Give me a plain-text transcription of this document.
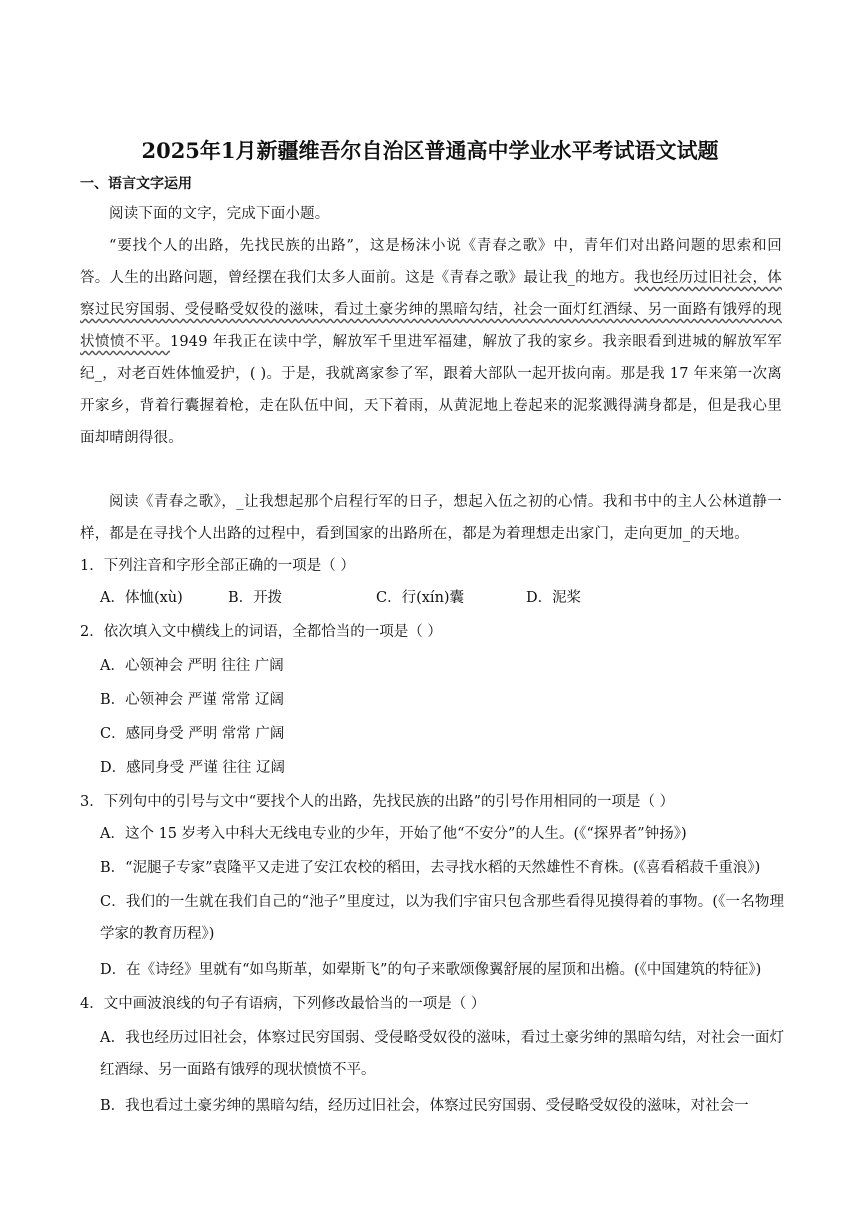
2025年1月新疆维吾尔自治区普通高中学业水平考试语文试题
一、语言文字运用
阅读下面的文字，完成下面小题。
“要找个人的出路，先找民族的出路”，这是杨沫小说《青春之歌》中，青年们对出路问题的思索和回答。人生的出路问题，曾经摆在我们太多人面前。这是《青春之歌》最让我_的地方。我也经历过旧社会，体察过民穷国弱、受侵略受奴役的滋味，看过土豪劣绅的黑暗勾结，社会一面灯红酒绿、另一面路有饿殍的现状愤愤不平。1949 年我正在读中学，解放军千里进军福建，解放了我的家乡。我亲眼看到进城的解放军军纪_，对老百姓体恤爱护，( )。于是，我就离家参了军，跟着大部队一起开拔向南。那是我 17 年来第一次离开家乡，背着行囊握着枪，走在队伍中间，天下着雨，从黄泥地上卷起来的泥浆溅得满身都是，但是我心里面却晴朗得很。
阅读《青春之歌》，_让我想起那个启程行军的日子，想起入伍之初的心情。我和书中的主人公林道静一样，都是在寻找个人出路的过程中，看到国家的出路所在，都是为着理想走出家门，走向更加_的天地。
1．下列注音和字形全部正确的一项是（ ）
A．体恤(xù)	B．开拨	C．行(xín)囊	D．泥桨
2．依次填入文中横线上的词语，全都恰当的一项是（ ）
A．心领神会 严明 往往 广阔
B．心领神会 严谨 常常 辽阔
C．感同身受 严明 常常 广阔
D．感同身受 严谨 往往 辽阔
3．下列句中的引号与文中“要找个人的出路，先找民族的出路”的引号作用相同的一项是（ ）
A．这个 15 岁考入中科大无线电专业的少年，开始了他“不安分”的人生。(《“探界者”钟扬》)
B．“泥腿子专家”袁隆平又走进了安江农校的稻田，去寻找水稻的天然雄性不育株。(《喜看稻菽千重浪》)
C．我们的一生就在我们自己的“池子”里度过，以为我们宇宙只包含那些看得见摸得着的事物。(《一名物理学家的教育历程》)
D．在《诗经》里就有“如鸟斯革，如翚斯飞”的句子来歌颂像翼舒展的屋顶和出檐。(《中国建筑的特征》)
4．文中画波浪线的句子有语病，下列修改最恰当的一项是（ ）
A．我也经历过旧社会，体察过民穷国弱、受侵略受奴役的滋味，看过土豪劣绅的黑暗勾结，对社会一面灯红酒绿、另一面路有饿殍的现状愤愤不平。
B．我也看过土豪劣绅的黑暗勾结，经历过旧社会，体察过民穷国弱、受侵略受奴役的滋味，对社会一
